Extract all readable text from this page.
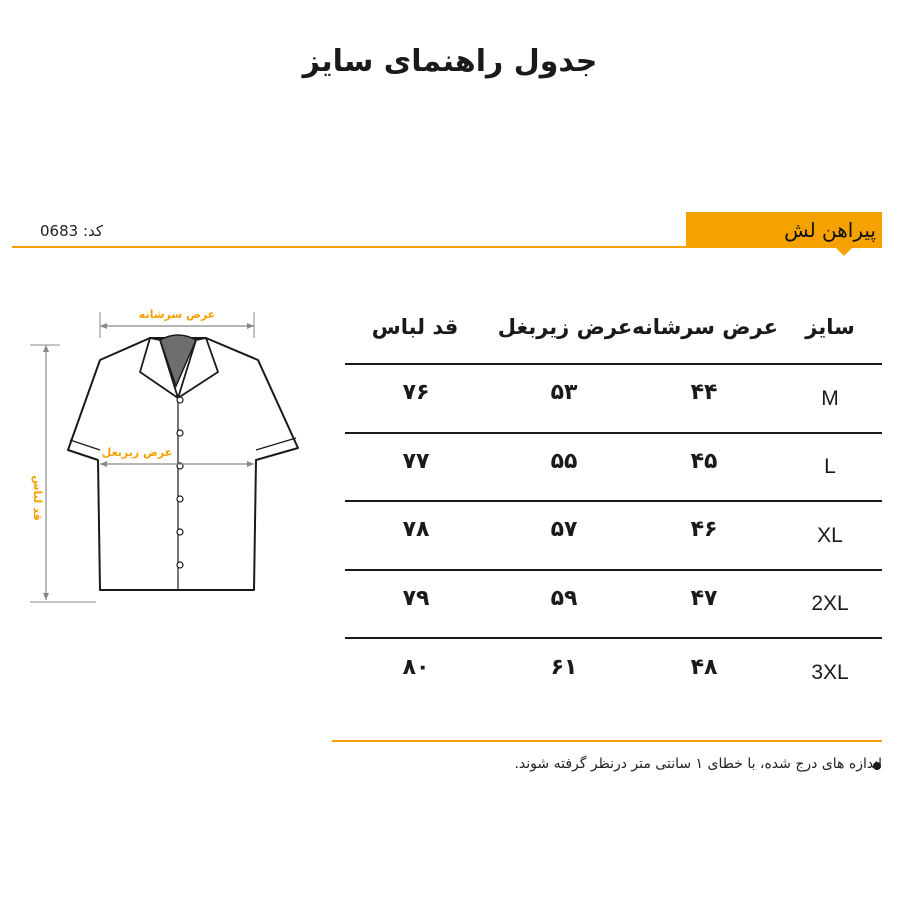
جدول راهنمای سایز
کد: 0683	پیراهن لش
عرض سرشانه
قد لباس
عرض زیربغل
سایز
عرض سرشانه
عرض زیربغل
قد لباس
M
۴۴
۵۳
۷۶
L
۴۵
۵۵
۷۷
XL
۴۶
۵۷
۷۸
2XL
۴۷
۵۹
۷۹
3XL
۴۸
۶۱
۸۰
اندازه های درج شده، با خطای ۱ سانتی متر درنظر گرفته شوند.
